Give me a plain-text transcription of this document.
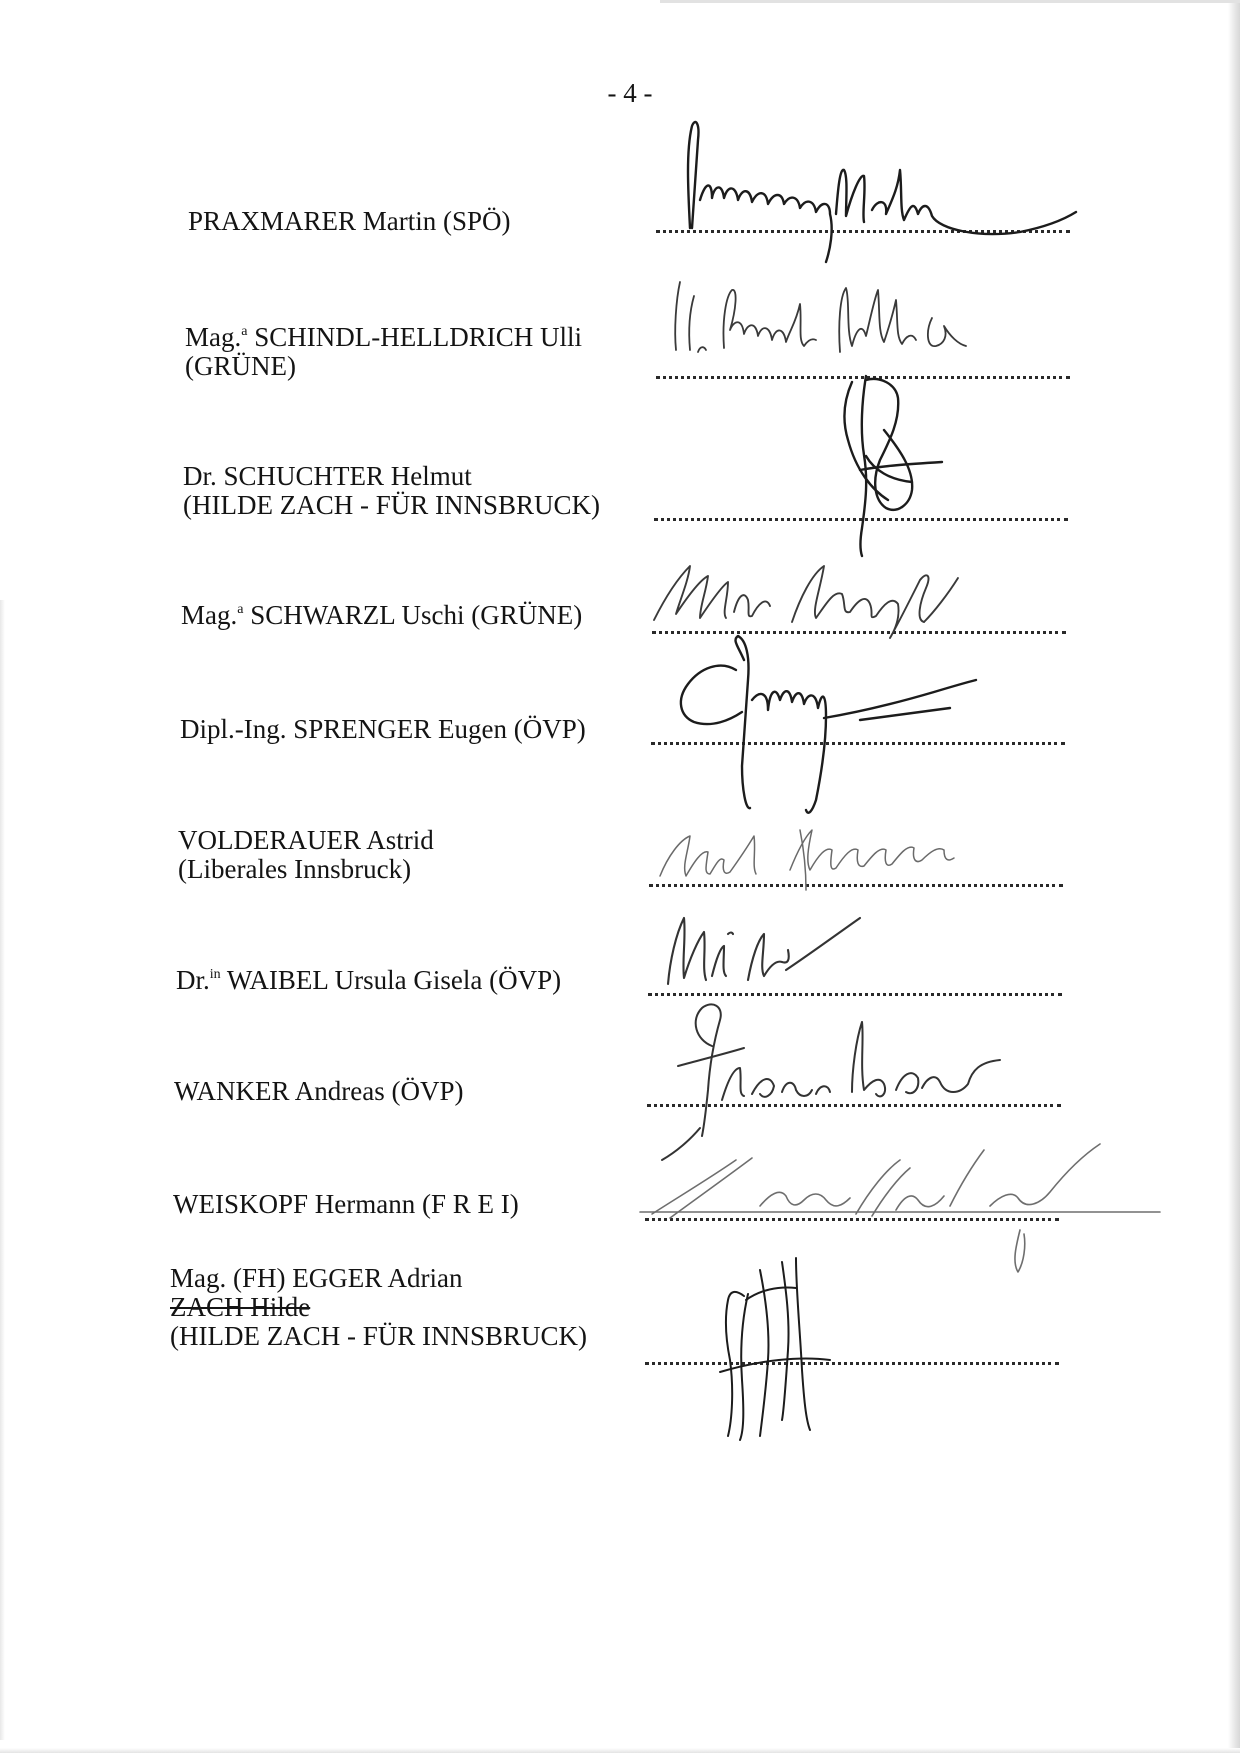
- 4 -
PRAXMARER Martin (SPÖ)
Mag.$^a$ SCHINDL-HELLDRICH Ulli
(GRÜNE)
Dr. SCHUCHTER Helmut
(HILDE ZACH - FÜR INNSBRUCK)
Mag.$^a$ SCHWARZL Uschi (GRÜNE)
Dipl.-Ing. SPRENGER Eugen (ÖVP)
VOLDERAUER Astrid
(Liberales Innsbruck)
Dr.$^{in}$ WAIBEL Ursula Gisela (ÖVP)
WANKER Andreas (ÖVP)
WEISKOPF Hermann (F R E I)
Mag. (FH) EGGER Adrian
ZACH Hilde
(HILDE ZACH - FÜR INNSBRUCK)
